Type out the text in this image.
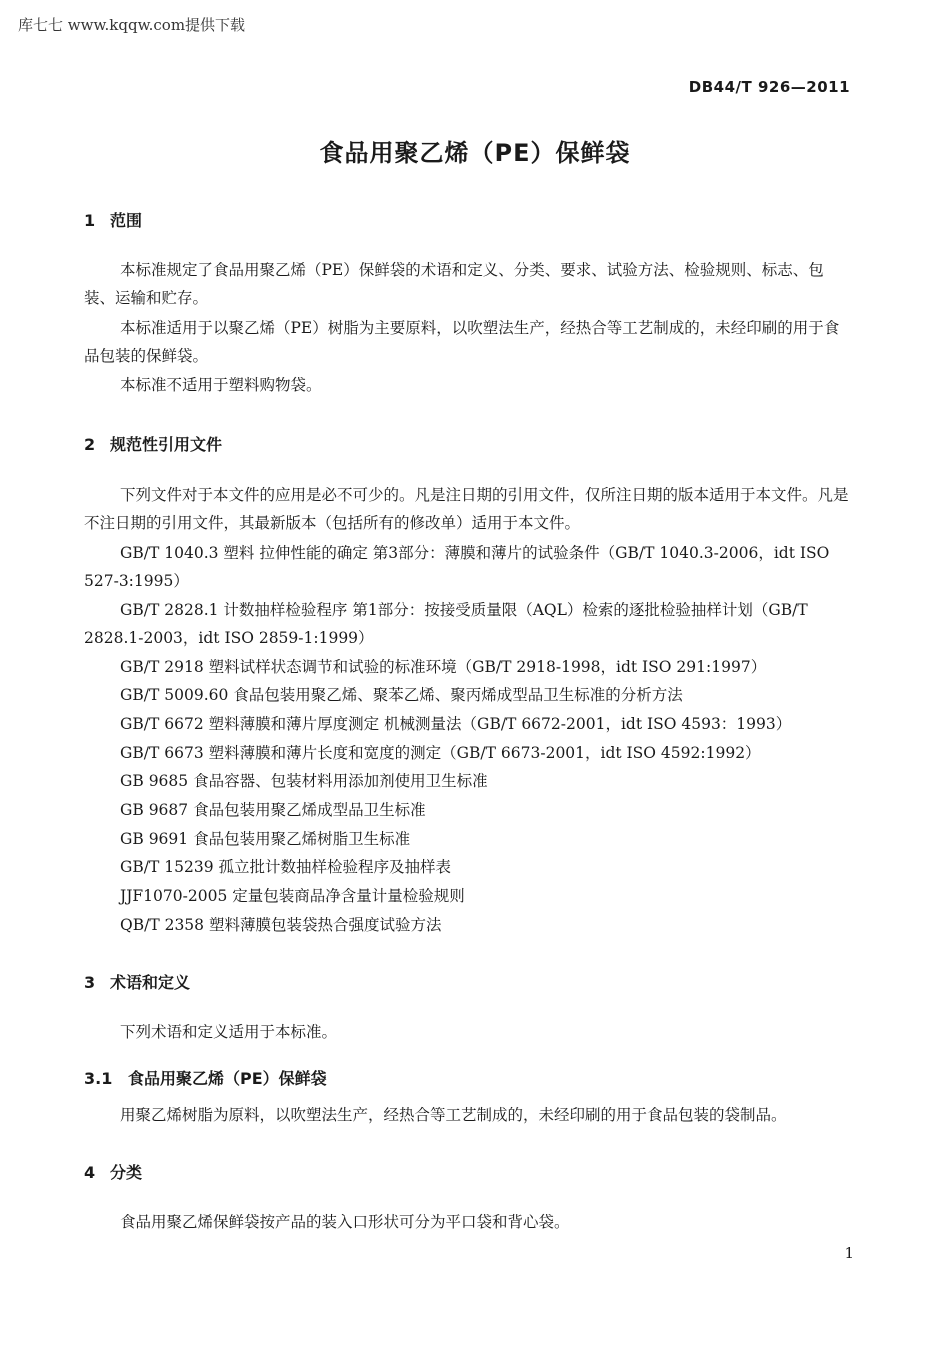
库七七 www.kqqw.com提供下载
DB44/T 926—2011
食品用聚乙烯（PE）保鲜袋
1 范围
本标准规定了食品用聚乙烯（PE）保鲜袋的术语和定义、分类、要求、试验方法、检验规则、标志、包装、运输和贮存。
本标准适用于以聚乙烯（PE）树脂为主要原料，以吹塑法生产，经热合等工艺制成的，未经印刷的用于食品包装的保鲜袋。
本标准不适用于塑料购物袋。
2 规范性引用文件
下列文件对于本文件的应用是必不可少的。凡是注日期的引用文件，仅所注日期的版本适用于本文件。凡是不注日期的引用文件，其最新版本（包括所有的修改单）适用于本文件。
GB/T 1040.3 塑料 拉伸性能的确定 第3部分：薄膜和薄片的试验条件（GB/T 1040.3-2006，idt ISO 527-3:1995）
GB/T 2828.1 计数抽样检验程序 第1部分：按接受质量限（AQL）检索的逐批检验抽样计划（GB/T 2828.1-2003，idt ISO 2859-1:1999）
GB/T 2918 塑料试样状态调节和试验的标准环境（GB/T 2918-1998，idt ISO 291:1997）
GB/T 5009.60 食品包装用聚乙烯、聚苯乙烯、聚丙烯成型品卫生标准的分析方法
GB/T 6672 塑料薄膜和薄片厚度测定 机械测量法（GB/T 6672-2001，idt ISO 4593：1993）
GB/T 6673 塑料薄膜和薄片长度和宽度的测定（GB/T 6673-2001，idt ISO 4592:1992）
GB 9685 食品容器、包装材料用添加剂使用卫生标准
GB 9687 食品包装用聚乙烯成型品卫生标准
GB 9691 食品包装用聚乙烯树脂卫生标准
GB/T 15239 孤立批计数抽样检验程序及抽样表
JJF1070-2005 定量包装商品净含量计量检验规则
QB/T 2358 塑料薄膜包装袋热合强度试验方法
3 术语和定义
下列术语和定义适用于本标准。
3.1 食品用聚乙烯（PE）保鲜袋
用聚乙烯树脂为原料，以吹塑法生产，经热合等工艺制成的，未经印刷的用于食品包装的袋制品。
4 分类
食品用聚乙烯保鲜袋按产品的装入口形状可分为平口袋和背心袋。
1
